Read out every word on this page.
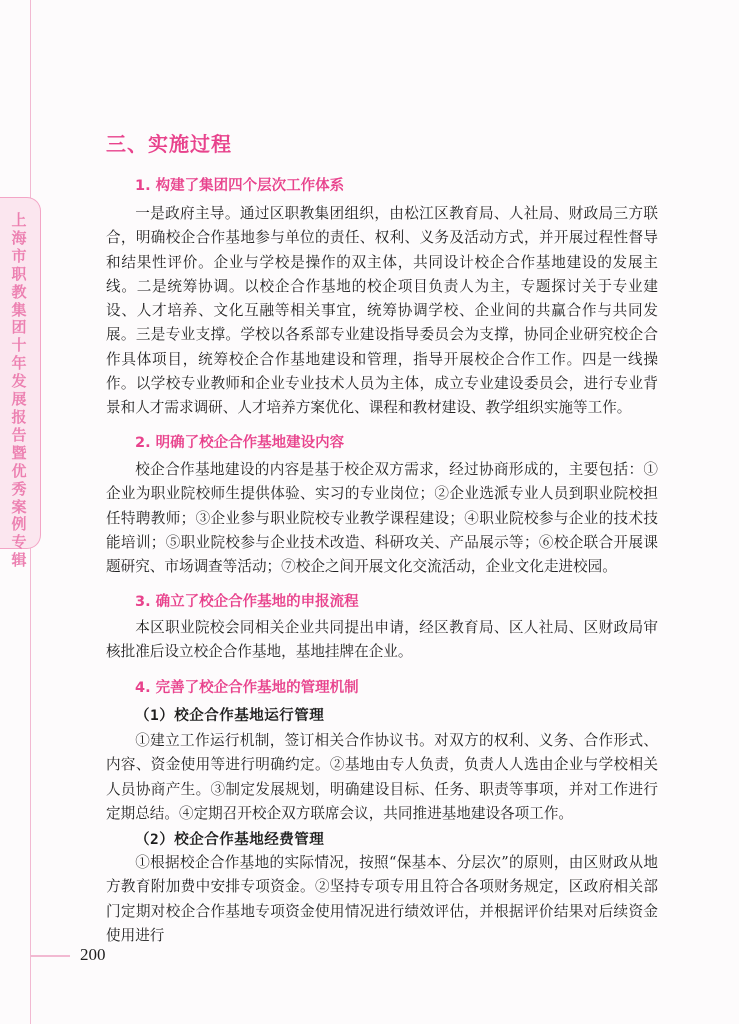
上海市职教集团十年发展报告暨优秀案例专辑
三、实施过程
1. 构建了集团四个层次工作体系
一是政府主导。通过区职教集团组织，由松江区教育局、人社局、财政局三方联合，明确校企合作基地参与单位的责任、权利、义务及活动方式，并开展过程性督导和结果性评价。企业与学校是操作的双主体，共同设计校企合作基地建设的发展主线。二是统筹协调。以校企合作基地的校企项目负责人为主，专题探讨关于专业建设、人才培养、文化互融等相关事宜，统筹协调学校、企业间的共赢合作与共同发展。三是专业支撑。学校以各系部专业建设指导委员会为支撑，协同企业研究校企合作具体项目，统筹校企合作基地建设和管理，指导开展校企合作工作。四是一线操作。以学校专业教师和企业专业技术人员为主体，成立专业建设委员会，进行专业背景和人才需求调研、人才培养方案优化、课程和教材建设、教学组织实施等工作。
2. 明确了校企合作基地建设内容
校企合作基地建设的内容是基于校企双方需求，经过协商形成的，主要包括：①企业为职业院校师生提供体验、实习的专业岗位；②企业选派专业人员到职业院校担任特聘教师；③企业参与职业院校专业教学课程建设；④职业院校参与企业的技术技能培训；⑤职业院校参与企业技术改造、科研攻关、产品展示等；⑥校企联合开展课题研究、市场调查等活动；⑦校企之间开展文化交流活动，企业文化走进校园。
3. 确立了校企合作基地的申报流程
本区职业院校会同相关企业共同提出申请，经区教育局、区人社局、区财政局审核批准后设立校企合作基地，基地挂牌在企业。
4. 完善了校企合作基地的管理机制
（1）校企合作基地运行管理
①建立工作运行机制，签订相关合作协议书。对双方的权利、义务、合作形式、内容、资金使用等进行明确约定。②基地由专人负责，负责人人选由企业与学校相关人员协商产生。③制定发展规划，明确建设目标、任务、职责等事项，并对工作进行定期总结。④定期召开校企双方联席会议，共同推进基地建设各项工作。
（2）校企合作基地经费管理
①根据校企合作基地的实际情况，按照“保基本、分层次”的原则，由区财政从地方教育附加费中安排专项资金。②坚持专项专用且符合各项财务规定，区政府相关部门定期对校企合作基地专项资金使用情况进行绩效评估，并根据评价结果对后续资金使用进行
200
